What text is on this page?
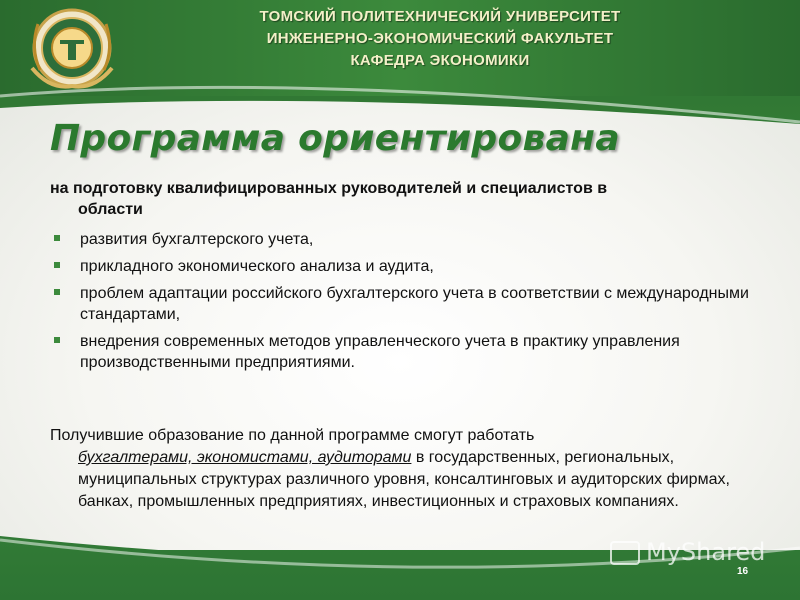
ТОМСКИЙ ПОЛИТЕХНИЧЕСКИЙ УНИВЕРСИТЕТ
ИНЖЕНЕРНО-ЭКОНОМИЧЕСКИЙ ФАКУЛЬТЕТ
КАФЕДРА ЭКОНОМИКИ
Программа ориентирована
на подготовку квалифицированных руководителей и специалистов в
области
развития бухгалтерского учета,
прикладного экономического анализа и аудита,
проблем адаптации российского бухгалтерского учета в соответствии с международными стандартами,
внедрения современных методов управленческого учета в практику управления производственными предприятиями.
Получившие образование по данной программе смогут работать
бухгалтерами, экономистами, аудиторами в государственных, региональных, муниципальных структурах различного уровня, консалтинговых и аудиторских фирмах, банках, промышленных предприятиях, инвестиционных и страховых компаниях.
MyShared
16
